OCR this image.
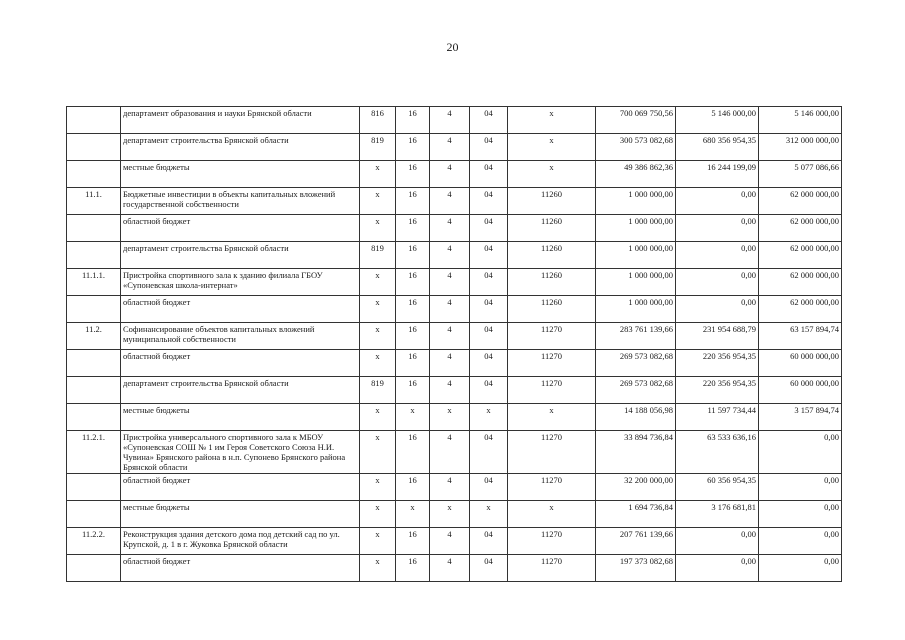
20
	департамент образования и науки Брянской области	816	16	4	04	х	700 069 750,56	5 146 000,00	5 146 000,00
	департамент строительства Брянской области	819	16	4	04	х	300 573 082,68	680 356 954,35	312 000 000,00
	местные бюджеты	х	16	4	04	х	49 386 862,36	16 244 199,09	5 077 086,66
11.1.	Бюджетные инвестиции в объекты капитальных вложений государственной собственности	х	16	4	04	11260	1 000 000,00	0,00	62 000 000,00
	областной бюджет	х	16	4	04	11260	1 000 000,00	0,00	62 000 000,00
	департамент строительства Брянской области	819	16	4	04	11260	1 000 000,00	0,00	62 000 000,00
11.1.1.	Пристройка спортивного зала к зданию филиала ГБОУ «Супоневская школа-интернат»	х	16	4	04	11260	1 000 000,00	0,00	62 000 000,00
	областной бюджет	х	16	4	04	11260	1 000 000,00	0,00	62 000 000,00
11.2.	Софинансирование объектов капитальных вложений муниципальной собственности	х	16	4	04	11270	283 761 139,66	231 954 688,79	63 157 894,74
	областной бюджет	х	16	4	04	11270	269 573 082,68	220 356 954,35	60 000 000,00
	департамент строительства Брянской области	819	16	4	04	11270	269 573 082,68	220 356 954,35	60 000 000,00
	местные бюджеты	х	х	х	х	х	14 188 056,98	11 597 734,44	3 157 894,74
11.2.1.	Пристройка универсального спортивного зала к МБОУ «Супоневская СОШ № 1 им Героя Советского Союза Н.И. Чувина» Брянского района в н.п. Супонево Брянского района Брянской области	х	16	4	04	11270	33 894 736,84	63 533 636,16	0,00
	областной бюджет	х	16	4	04	11270	32 200 000,00	60 356 954,35	0,00
	местные бюджеты	х	х	х	х	х	1 694 736,84	3 176 681,81	0,00
11.2.2.	Реконструкция здания детского дома под детский сад по ул. Крупской, д. 1 в г. Жуковка Брянской области	х	16	4	04	11270	207 761 139,66	0,00	0,00
	областной бюджет	х	16	4	04	11270	197 373 082,68	0,00	0,00
